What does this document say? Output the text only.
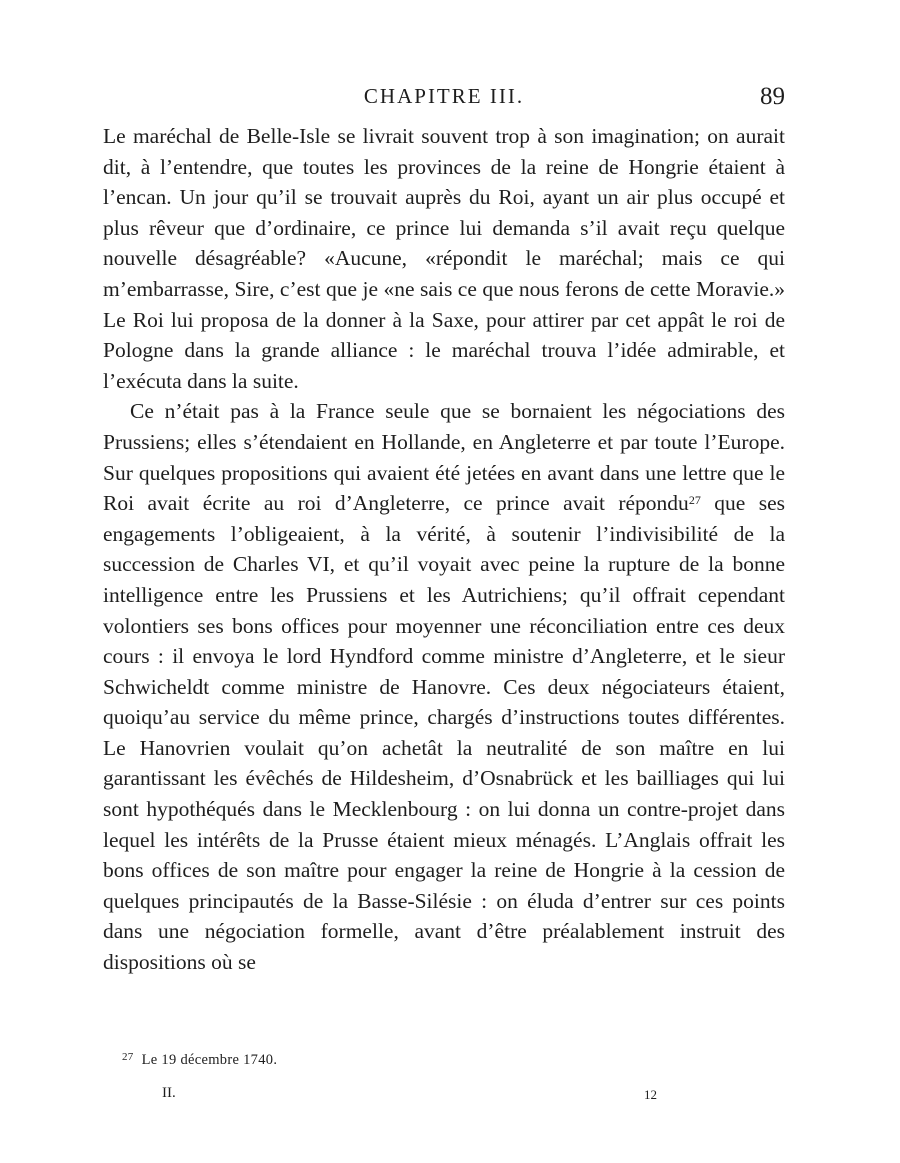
CHAPITRE III.	89

Le maréchal de Belle-Isle se livrait souvent trop à son imagination; on aurait dit, à l’entendre, que toutes les provinces de la reine de Hongrie étaient à l’encan. Un jour qu’il se trouvait auprès du Roi, ayant un air plus occupé et plus rêveur que d’ordinaire, ce prince lui demanda s’il avait reçu quelque nouvelle désagréable? «Aucune, «répondit le maréchal; mais ce qui m’embarrasse, Sire, c’est que je «ne sais ce que nous ferons de cette Moravie.» Le Roi lui proposa de la donner à la Saxe, pour attirer par cet appât le roi de Pologne dans la grande alliance : le maréchal trouva l’idée admirable, et l’exécuta dans la suite.

Ce n’était pas à la France seule que se bornaient les négociations des Prussiens; elles s’étendaient en Hollande, en Angleterre et par toute l’Europe. Sur quelques propositions qui avaient été jetées en avant dans une lettre que le Roi avait écrite au roi d’Angleterre, ce prince avait répondu$^{27}$ que ses engagements l’obligeaient, à la vérité, à soutenir l’indivisibilité de la succession de Charles VI, et qu’il voyait avec peine la rupture de la bonne intelligence entre les Prussiens et les Autrichiens; qu’il offrait cependant volontiers ses bons offices pour moyenner une réconciliation entre ces deux cours : il envoya le lord Hyndford comme ministre d’Angleterre, et le sieur Schwicheldt comme ministre de Hanovre. Ces deux négociateurs étaient, quoiqu’au service du même prince, chargés d’instructions toutes différentes. Le Hanovrien voulait qu’on achetât la neutralité de son maître en lui garantissant les évêchés de Hildesheim, d’Osnabrück et les bailliages qui lui sont hypothéqués dans le Mecklenbourg : on lui donna un contre-projet dans lequel les intérêts de la Prusse étaient mieux ménagés. L’Anglais offrait les bons offices de son maître pour engager la reine de Hongrie à la cession de quelques principautés de la Basse-Silésie : on éluda d’entrer sur ces points dans une négociation formelle, avant d’être préalablement instruit des dispositions où se

$^{27}$ Le 19 décembre 1740.
II.	12
